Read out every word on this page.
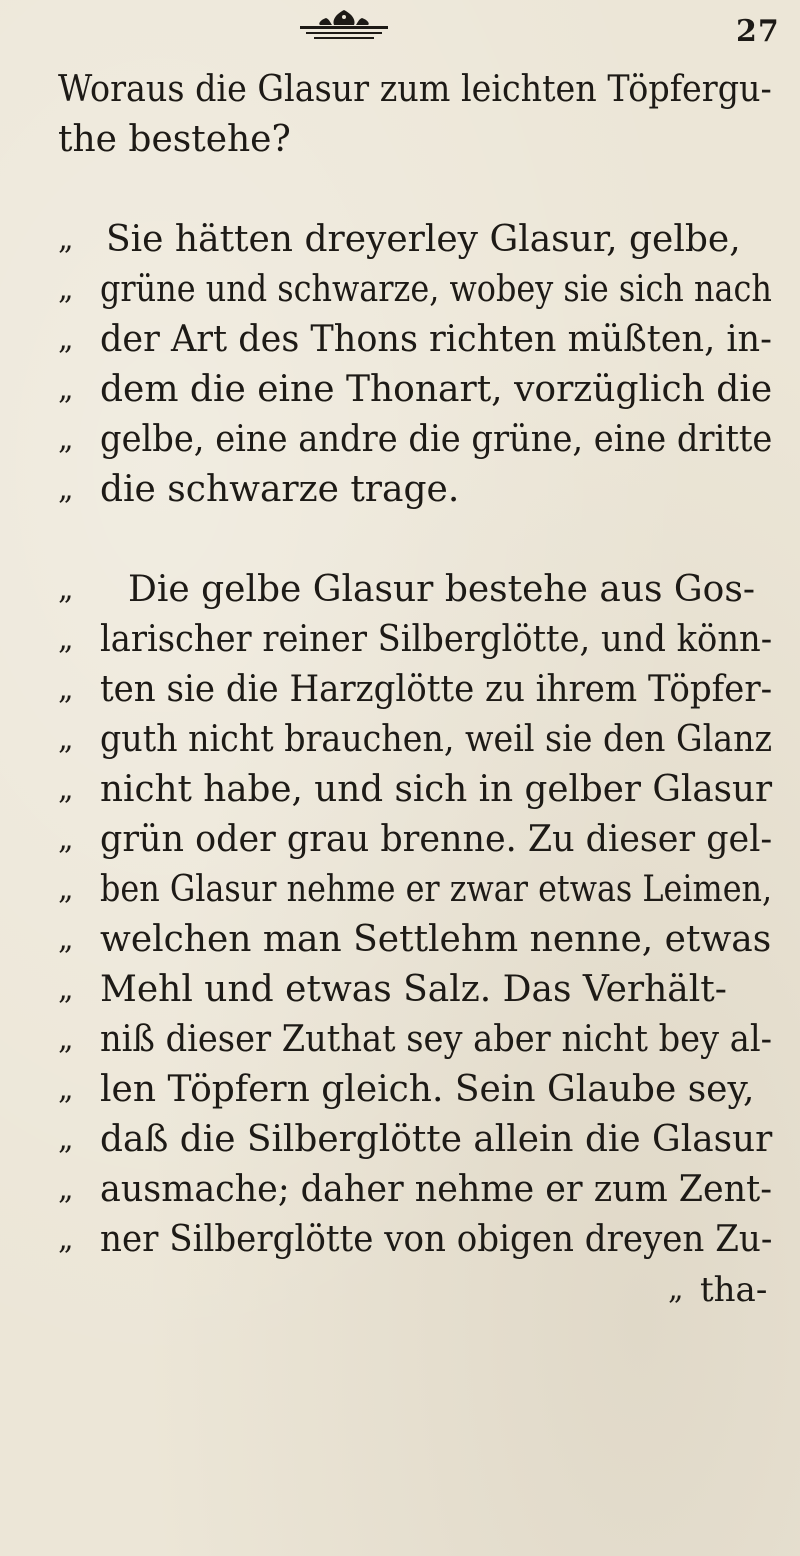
27
Woraus die Glasur zum leichten Töpfergu-
the bestehe?
„ Sie hätten dreyerley Glasur, gelbe,
„ grüne und schwarze, wobey sie sich nach
„ der Art des Thons richten müßten, in-
„ dem die eine Thonart, vorzüglich die
„ gelbe, eine andre die grüne, eine dritte
„ die schwarze trage.
„	Die gelbe Glasur bestehe aus Gos-
„ larischer reiner Silberglötte, und könn-
„ ten sie die Harzglötte zu ihrem Töpfer-
„ guth nicht brauchen, weil sie den Glanz
„ nicht habe, und sich in gelber Glasur
„ grün oder grau brenne. Zu dieser gel-
„ ben Glasur nehme er zwar etwas Leimen,
„ welchen man Settlehm nenne, etwas
„ Mehl und etwas Salz. Das Verhält-
„ niß dieser Zuthat sey aber nicht bey al-
„ len Töpfern gleich. Sein Glaube sey,
„ daß die Silberglötte allein die Glasur
„ ausmache; daher nehme er zum Zent-
„ ner Silberglötte von obigen dreyen Zu-
„ tha-
